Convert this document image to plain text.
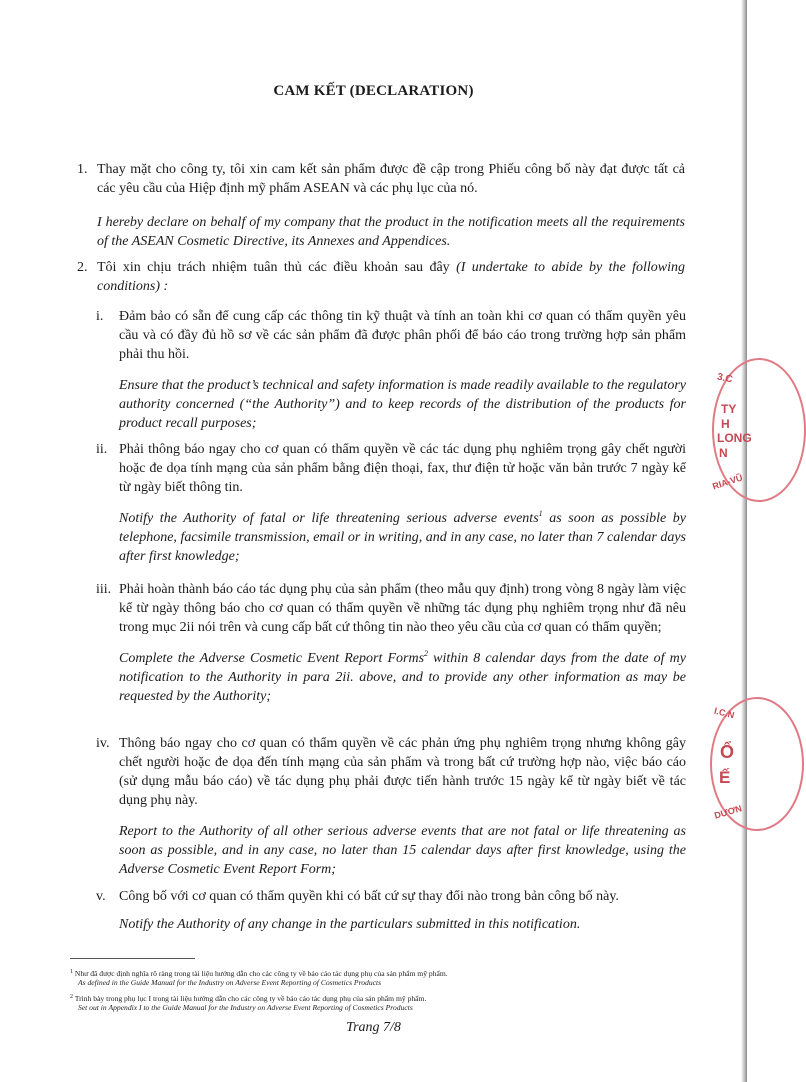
CAM KẾT (DECLARATION)
1. Thay mặt cho công ty, tôi xin cam kết sản phẩm được đề cập trong Phiếu công bố này đạt được tất cả các yêu cầu của Hiệp định mỹ phẩm ASEAN và các phụ lục của nó.

I hereby declare on behalf of my company that the product in the notification meets all the requirements of the ASEAN Cosmetic Directive, its Annexes and Appendices.

2. Tôi xin chịu trách nhiệm tuân thủ các điều khoản sau đây (I undertake to abide by the following conditions) :

i. Đảm bảo có sẵn để cung cấp các thông tin kỹ thuật và tính an toàn khi cơ quan có thẩm quyền yêu cầu và có đầy đủ hồ sơ về các sản phẩm đã được phân phối để báo cáo trong trường hợp sản phẩm phải thu hồi.

Ensure that the product’s technical and safety information is made readily available to the regulatory authority concerned (“the Authority”) and to keep records of the distribution of the products for product recall purposes;

ii. Phải thông báo ngay cho cơ quan có thẩm quyền về các tác dụng phụ nghiêm trọng gây chết người hoặc đe dọa tính mạng của sản phẩm bằng điện thoại, fax, thư điện tử hoặc văn bản trước 7 ngày kể từ ngày biết thông tin.

Notify the Authority of fatal or life threatening serious adverse events$^1$ as soon as possible by telephone, facsimile transmission, email or in writing, and in any case, no later than 7 calendar days after first knowledge;

iii. Phải hoàn thành báo cáo tác dụng phụ của sản phẩm (theo mẫu quy định) trong vòng 8 ngày làm việc kể từ ngày thông báo cho cơ quan có thẩm quyền về những tác dụng phụ nghiêm trọng như đã nêu trong mục 2ii nói trên và cung cấp bất cứ thông tin nào theo yêu cầu của cơ quan có thẩm quyền;

Complete the Adverse Cosmetic Event Report Forms$^2$ within 8 calendar days from the date of my notification to the Authority in para 2ii. above, and to provide any other information as may be requested by the Authority;

iv. Thông báo ngay cho cơ quan có thẩm quyền về các phản ứng phụ nghiêm trọng nhưng không gây chết người hoặc đe dọa đến tính mạng của sản phẩm và trong bất cứ trường hợp nào, việc báo cáo (sử dụng mẫu báo cáo) về tác dụng phụ phải được tiến hành trước 15 ngày kể từ ngày biết về tác dụng phụ này.

Report to the Authority of all other serious adverse events that are not fatal or life threatening as soon as possible, and in any case, no later than 15 calendar days after first knowledge, using the Adverse Cosmetic Event Report Form;

v. Công bố với cơ quan có thẩm quyền khi có bất cứ sự thay đổi nào trong bản công bố này.

Notify the Authority of any change in the particulars submitted in this notification.

$^1$ Như đã được định nghĩa rõ ràng trong tài liệu hướng dẫn cho các công ty về báo cáo tác dụng phụ của sản phẩm mỹ phẩm.

As defined in the Guide Manual for the Industry on Adverse Event Reporting of Cosmetics Products

$^2$ Trình bày trong phụ lục I trong tài liệu hướng dẫn cho các công ty về báo cáo tác dụng phụ của sản phẩm mỹ phẩm.

Set out in Appendix I to the Guide Manual for the Industry on Adverse Event Reporting of Cosmetics Products

Trang 7/8
3.C
TY
H
LONG
N
RIA-VŨ
I.C.N
Ổ
Ế
DƯƠN
